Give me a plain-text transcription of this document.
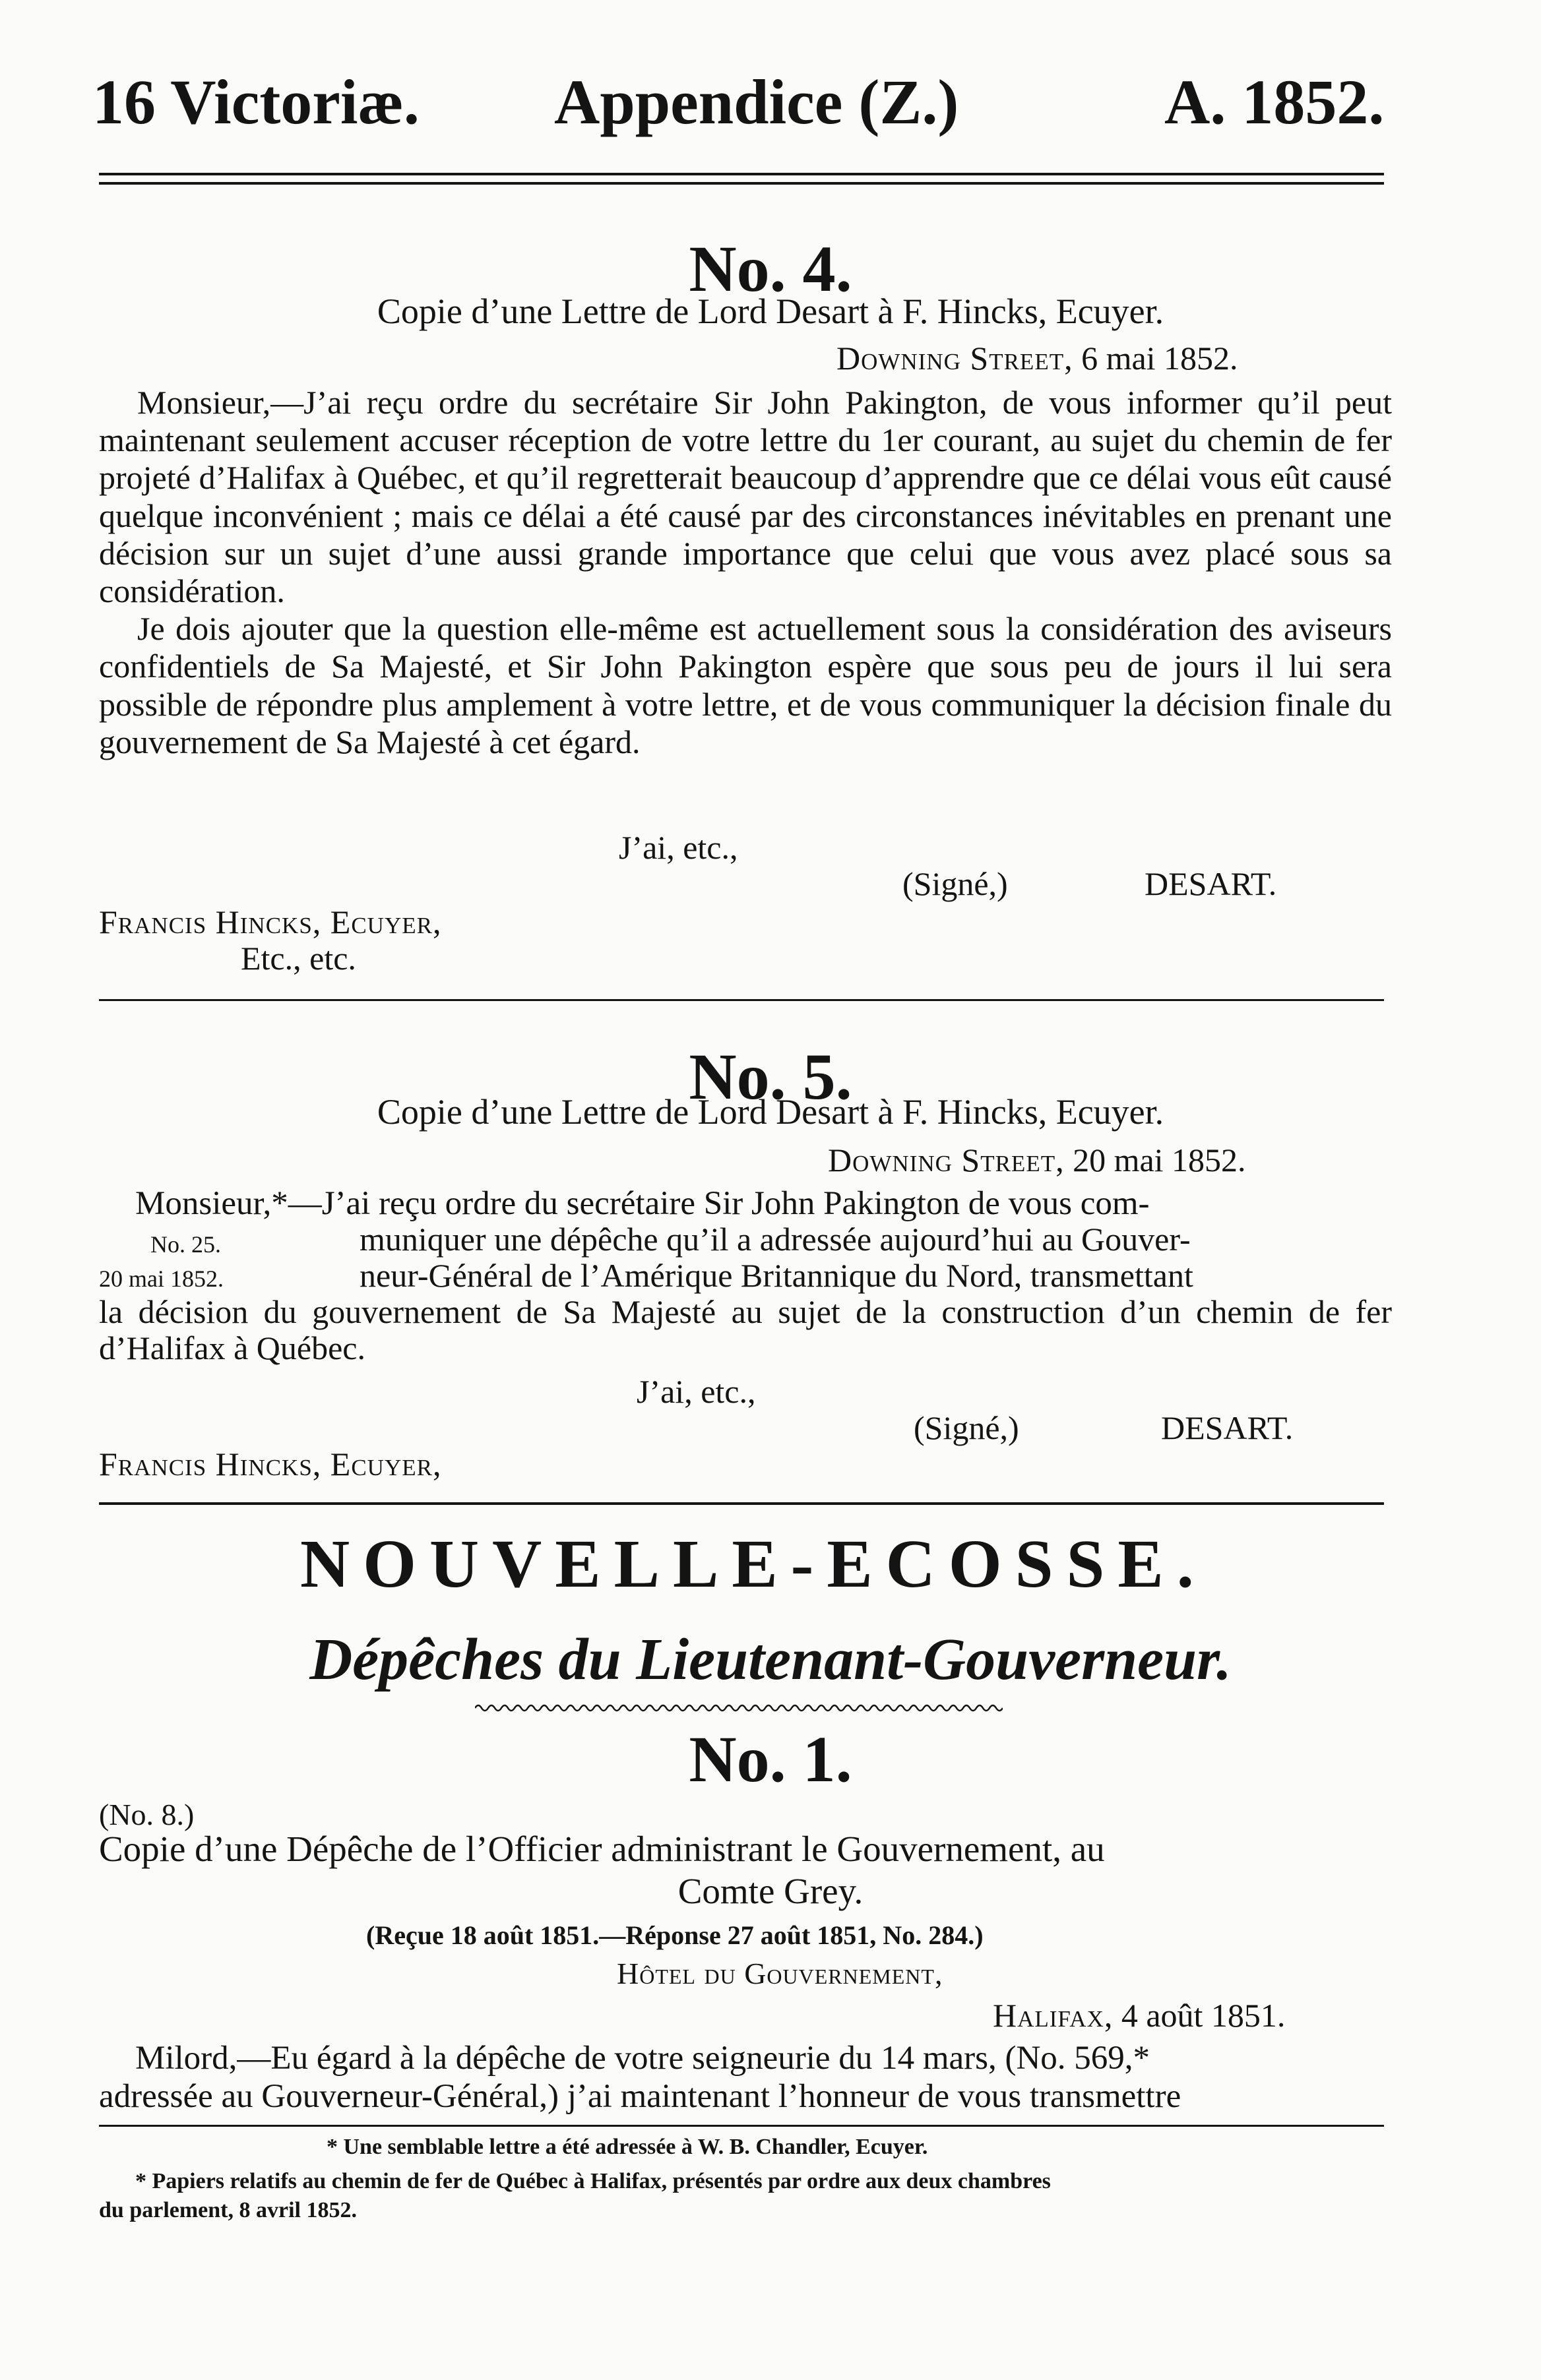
16 Victoriæ. Appendice (Z.)	A. 1852.
No. 4.
Copie d’une Lettre de Lord Desart à F. Hincks, Ecuyer.
Downing Street, 6 mai 1852.

Monsieur,—J’ai reçu ordre du secrétaire Sir John Pakington, de vous informer qu’il peut maintenant seulement accuser réception de votre lettre du 1er courant, au sujet du chemin de fer projeté d’Halifax à Québec, et qu’il regretterait beaucoup d’apprendre que ce délai vous eût causé quelque inconvénient ; mais ce délai a été causé par des circonstances inévitables en prenant une décision sur un sujet d’une aussi grande importance que celui que vous avez placé sous sa considération.

Je dois ajouter que la question elle-même est actuellement sous la considération des aviseurs confidentiels de Sa Majesté, et Sir John Pakington espère que sous peu de jours il lui sera possible de répondre plus amplement à votre lettre, et de vous communiquer la décision finale du gouvernement de Sa Majesté à cet égard.

J’ai, etc.,
(Signé,)	DESART.
Francis Hincks, Ecuyer,
Etc., etc.
No. 5.
Copie d’une Lettre de Lord Desart à F. Hincks, Ecuyer.
Downing Street, 20 mai 1852.
Monsieur,*—J’ai reçu ordre du secrétaire Sir John Pakington de vous com-
No. 25.
20 mai 1852.

muniquer une dépêche qu’il a adressée aujourd’hui au Gouver-

neur-Général de l’Amérique Britannique du Nord, transmettant

la décision du gouvernement de Sa Majesté au sujet de la construction d’un chemin de fer d’Halifax à Québec.

J’ai, etc.,
(Signé,)	DESART.
Francis Hincks, Ecuyer,
NOUVELLE-ECOSSE.
Dépêches du Lieutenant-Gouverneur.
No. 1.
(No. 8.)
Copie d’une Dépêche de l’Officier administrant le Gouvernement, au
Comte Grey.
(Reçue 18 août 1851.—Réponse 27 août 1851, No. 284.)
Hôtel du Gouvernement,
Halifax, 4 août 1851.
Milord,—Eu égard à la dépêche de votre seigneurie du 14 mars, (No. 569,*
adressée au Gouverneur-Général,) j’ai maintenant l’honneur de vous transmettre
* Une semblable lettre a été adressée à W. B. Chandler, Ecuyer.
* Papiers relatifs au chemin de fer de Québec à Halifax, présentés par ordre aux deux chambres
du parlement, 8 avril 1852.
